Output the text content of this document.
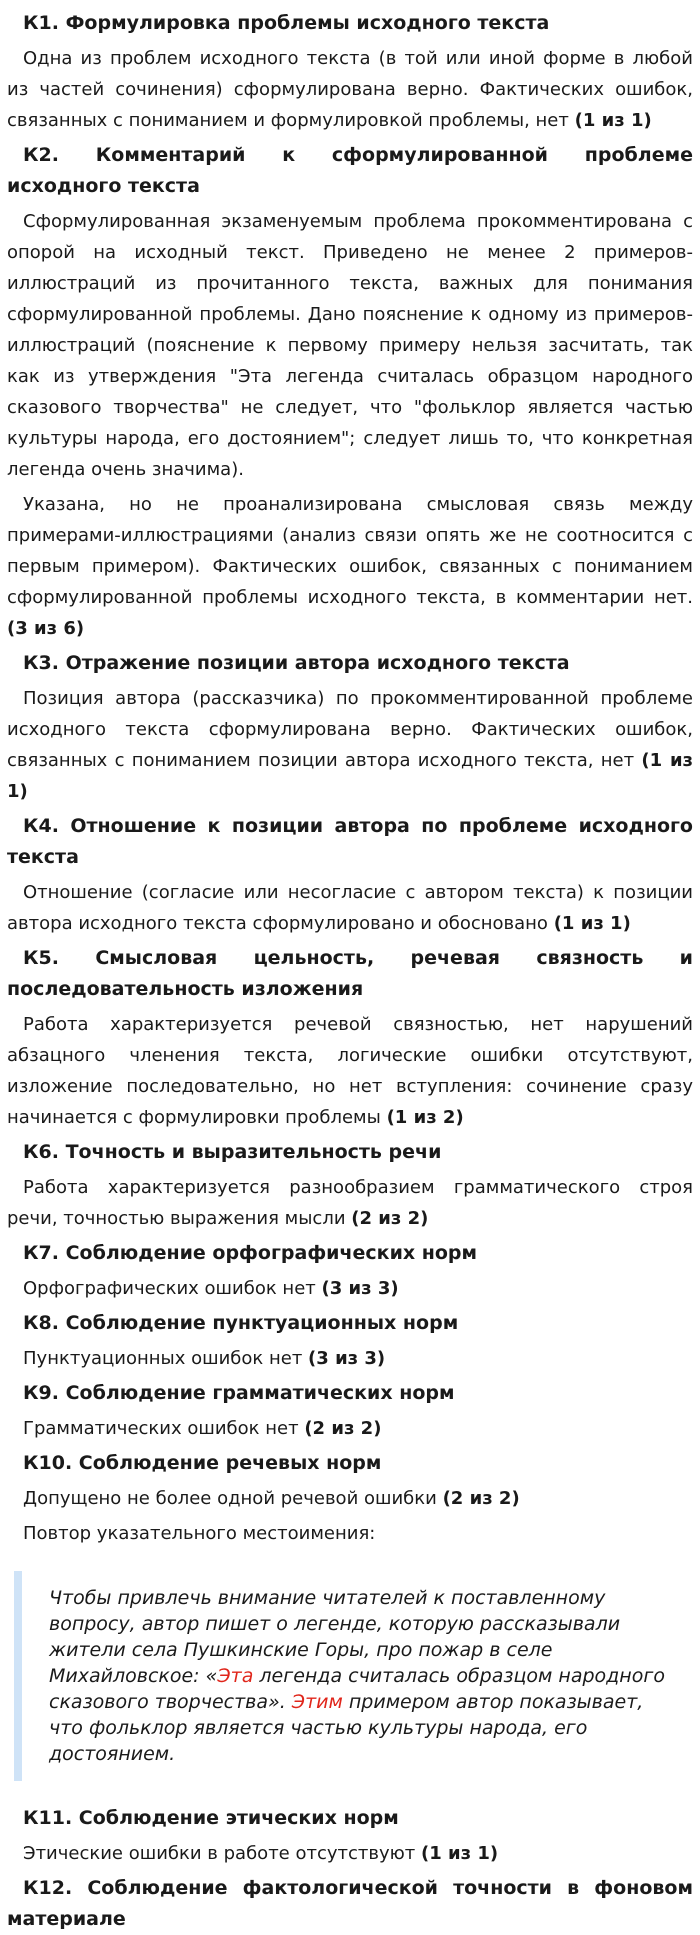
К1. Формулировка проблемы исходного текста
Одна из проблем исходного текста (в той или иной форме в любой из частей сочинения) сформулирована верно. Фактических ошибок, связанных с пониманием и формулировкой проблемы, нет (1 из 1)
К2. Комментарий к сформулированной проблеме исходного текста
Сформулированная экзаменуемым проблема прокомментирована с опорой на исходный текст. Приведено не менее 2 примеров-иллюстраций из прочитанного текста, важных для понимания сформулированной проблемы. Дано пояснение к одному из примеров-иллюстраций (пояснение к первому примеру нельзя засчитать, так как из утверждения "Эта легенда считалась образцом народного сказового творчества" не следует, что "фольклор является частью культуры народа, его достоянием"; следует лишь то, что конкретная легенда очень значима).
Указана, но не проанализирована смысловая связь между примерами-иллюстрациями (анализ связи опять же не соотносится с первым примером). Фактических ошибок, связанных с пониманием сформулированной проблемы исходного текста, в комментарии нет. (3 из 6)
К3. Отражение позиции автора исходного текста
Позиция автора (рассказчика) по прокомментированной проблеме исходного текста сформулирована верно. Фактических ошибок, связанных с пониманием позиции автора исходного текста, нет (1 из 1)
К4. Отношение к позиции автора по проблеме исходного текста
Отношение (согласие или несогласие с автором текста) к позиции автора исходного текста сформулировано и обосновано (1 из 1)
К5. Смысловая цельность, речевая связность и последовательность изложения
Работа характеризуется речевой связностью, нет нарушений абзацного членения текста, логические ошибки отсутствуют, изложение последовательно, но нет вступления: сочинение сразу начинается с формулировки проблемы (1 из 2)
К6. Точность и выразительность речи
Работа характеризуется разнообразием грамматического строя речи, точностью выражения мысли (2 из 2)
К7. Соблюдение орфографических норм
Орфографических ошибок нет (3 из 3)
К8. Соблюдение пунктуационных норм
Пунктуационных ошибок нет (3 из 3)
К9. Соблюдение грамматических норм
Грамматических ошибок нет (2 из 2)
К10. Соблюдение речевых норм
Допущено не более одной речевой ошибки (2 из 2)
Повтор указательного местоимения:
Чтобы привлечь внимание читателей к поставленному вопросу, автор пишет о легенде, которую рассказывали жители села Пушкинские Горы, про пожар в селе Михайловское: «Эта легенда считалась образцом народного сказового творчества». Этим примером автор показывает, что фольклор является частью культуры народа, его достоянием.
К11. Соблюдение этических норм
Этические ошибки в работе отсутствуют (1 из 1)
К12. Соблюдение фактологической точности в фоновом материале
